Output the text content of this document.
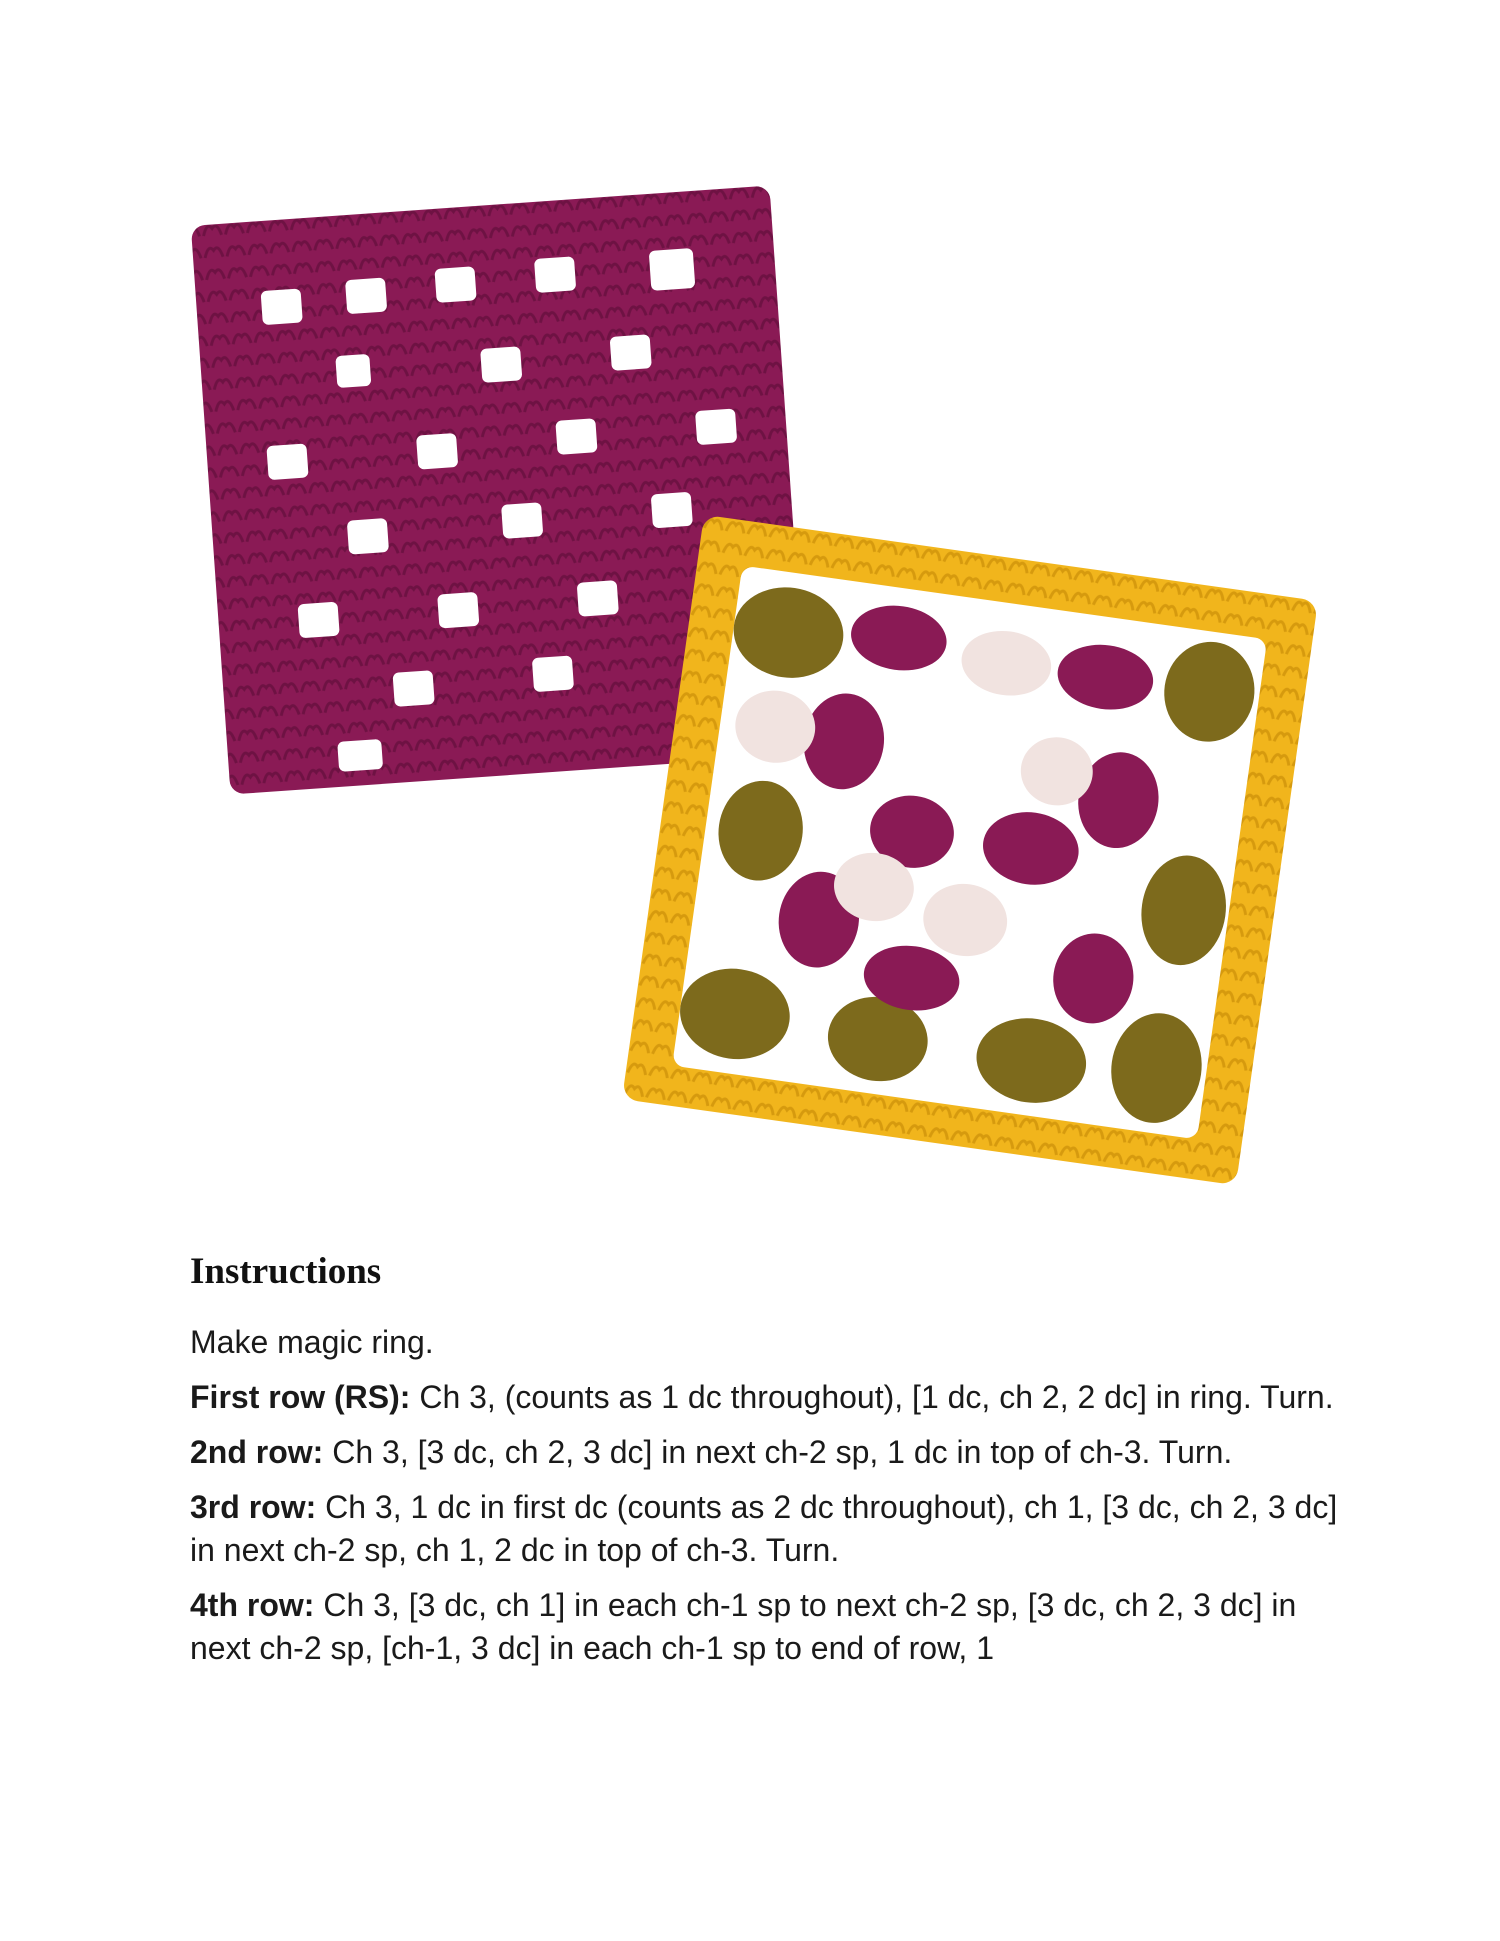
Instructions

Make magic ring.

First row (RS): Ch 3, (counts as 1 dc throughout), [1 dc, ch 2, 2 dc] in ring. Turn.

2nd row: Ch 3, [3 dc, ch 2, 3 dc] in next ch-2 sp, 1 dc in top of ch-3. Turn.

3rd row: Ch 3, 1 dc in first dc (counts as 2 dc throughout), ch 1, [3 dc, ch 2, 3 dc] in next ch-2 sp, ch 1, 2 dc in top of ch-3. Turn.

4th row: Ch 3, [3 dc, ch 1] in each ch-1 sp to next ch-2 sp, [3 dc, ch 2, 3 dc] in next ch-2 sp, [ch-1, 3 dc] in each ch-1 sp to end of row, 1
